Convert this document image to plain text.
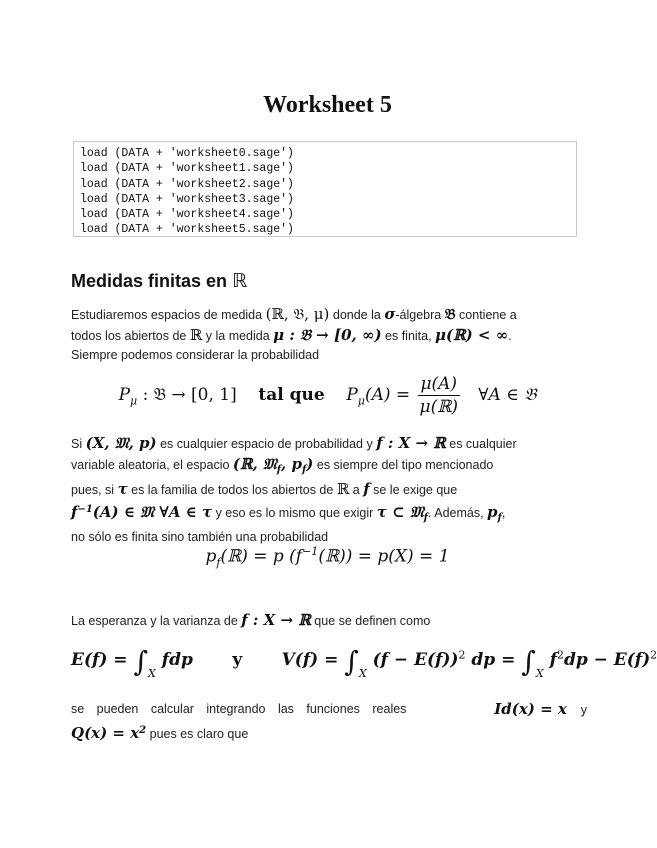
Worksheet 5
load (DATA + 'worksheet0.sage')
load (DATA + 'worksheet1.sage')
load (DATA + 'worksheet2.sage')
load (DATA + 'worksheet3.sage')
load (DATA + 'worksheet4.sage')
load (DATA + 'worksheet5.sage')
Medidas finitas en ℝ
Estudiaremos espacios de medida (ℝ, 𝔅, μ) donde la σ-álgebra 𝔅 contiene a
todos los abiertos de ℝ y la medida μ : 𝔅 → [0, ∞) es finita, μ(ℝ) < ∞.
Siempre podemos considerar la probabilidad
$P_\mu$ : 𝔅 → [0, 1] tal que $P_\mu(A) = \frac{\mu(A)}{\text{μ(ℝ)}}$ ∀A ∈ 𝔅
Si (X, 𝔐, p) es cualquier espacio de probabilidad y f : X → ℝ es cualquier
variable aleatoria, el espacio (ℝ, 𝔐$_f$, $p_f$) es siempre del tipo mencionado
pues, si τ es la familia de todos los abiertos de ℝ a f se le exige que
$f^{-1}(A)$ ∈ 𝔐 ∀A ∈ τ y eso es lo mismo que exigir τ ⊂ 𝔐$_f$. Además, $p_f$,
no sólo es finita sino también una probabilidad
$p_f(ℝ) = p$ $(f^{-1}(ℝ)) = p(X) = 1$
La esperanza y la varianza de f : X → ℝ que se definen como
$E(f) = \int_X$ fdp y $V(f) = \int_X$ $(f - E(f))^2$ dp = $\int_X$ $f^2dp - E(f)^2$
se pueden calcular integrando las funciones reales	Id(x) = x y
$Q(x) = x^2$ pues es claro que
